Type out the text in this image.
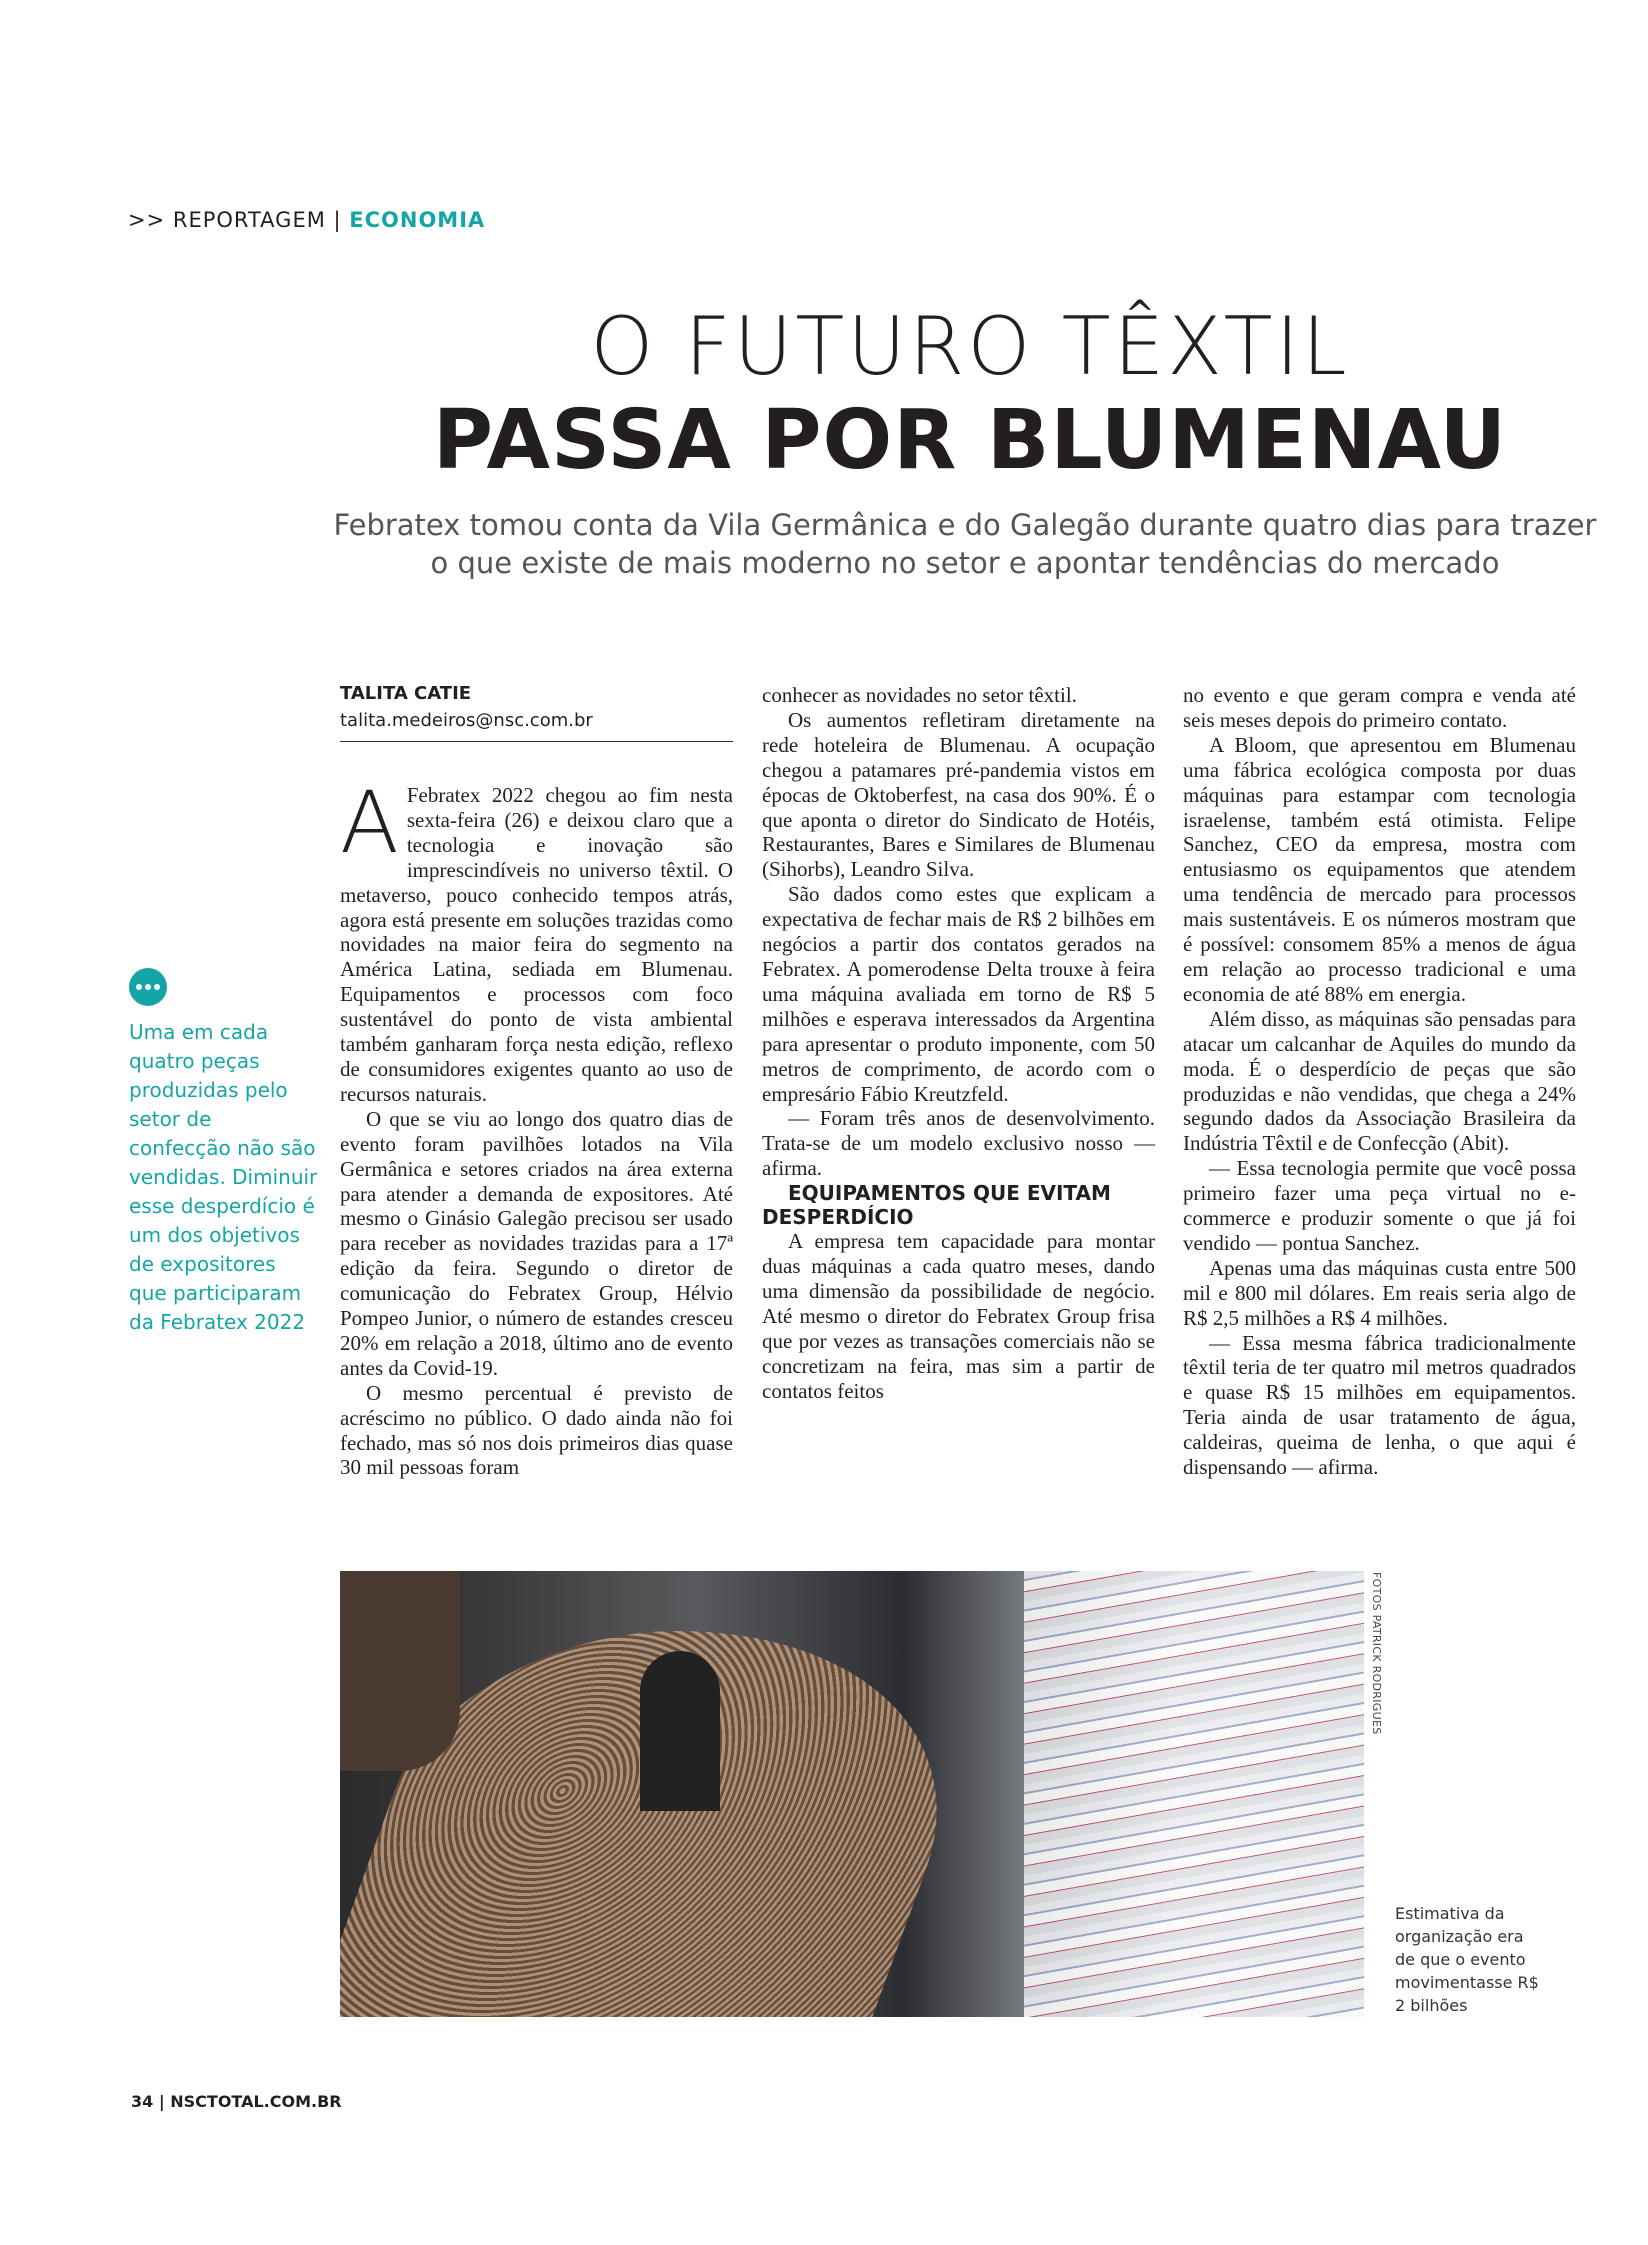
>> REPORTAGEM | ECONOMIA
O FUTURO TÊXTIL
PASSA POR BLUMENAU
Febratex tomou conta da Vila Germânica e do Galegão durante quatro dias para trazer o que existe de mais moderno no setor e apontar tendências do mercado
TALITA CATIE
talita.medeiros@nsc.com.br

A Febratex 2022 chegou ao fim nesta sexta-feira (26) e deixou claro que a tecnologia e inovação são imprescindíveis no universo têxtil. O metaverso, pouco conhecido tempos atrás, agora está presente em soluções trazidas como novidades na maior feira do segmento na América Latina, sediada em Blumenau. Equipamentos e processos com foco sustentável do ponto de vista ambiental também ganharam força nesta edição, reflexo de consumidores exigentes quanto ao uso de recursos naturais.

O que se viu ao longo dos quatro dias de evento foram pavilhões lotados na Vila Germânica e setores criados na área externa para atender a demanda de expositores. Até mesmo o Ginásio Galegão precisou ser usado para receber as novidades trazidas para a 17ª edição da feira. Segundo o diretor de comunicação do Febratex Group, Hélvio Pompeo Junior, o número de estandes cresceu 20% em relação a 2018, último ano de evento antes da Covid-19.

O mesmo percentual é previsto de acréscimo no público. O dado ainda não foi fechado, mas só nos dois primeiros dias quase 30 mil pessoas foram

conhecer as novidades no setor têxtil.

Os aumentos refletiram diretamente na rede hoteleira de Blumenau. A ocupação chegou a patamares pré-pandemia vistos em épocas de Oktoberfest, na casa dos 90%. É o que aponta o diretor do Sindicato de Hotéis, Restaurantes, Bares e Similares de Blumenau (Sihorbs), Leandro Silva.

São dados como estes que explicam a expectativa de fechar mais de R$ 2 bilhões em negócios a partir dos contatos gerados na Febratex. A pomerodense Delta trouxe à feira uma máquina avaliada em torno de R$ 5 milhões e esperava interessados da Argentina para apresentar o produto imponente, com 50 metros de comprimento, de acordo com o empresário Fábio Kreutzfeld.

— Foram três anos de desenvolvimento. Trata-se de um modelo exclusivo nosso — afirma.

EQUIPAMENTOS QUE EVITAM DESPERDÍCIO

A empresa tem capacidade para montar duas máquinas a cada quatro meses, dando uma dimensão da possibilidade de negócio. Até mesmo o diretor do Febratex Group frisa que por vezes as transações comerciais não se concretizam na feira, mas sim a partir de contatos feitos

no evento e que geram compra e venda até seis meses depois do primeiro contato.

A Bloom, que apresentou em Blumenau uma fábrica ecológica composta por duas máquinas para estampar com tecnologia israelense, também está otimista. Felipe Sanchez, CEO da empresa, mostra com entusiasmo os equipamentos que atendem uma tendência de mercado para processos mais sustentáveis. E os números mostram que é possível: consomem 85% a menos de água em relação ao processo tradicional e uma economia de até 88% em energia.

Além disso, as máquinas são pensadas para atacar um calcanhar de Aquiles do mundo da moda. É o desperdício de peças que são produzidas e não vendidas, que chega a 24% segundo dados da Associação Brasileira da Indústria Têxtil e de Confecção (Abit).

— Essa tecnologia permite que você possa primeiro fazer uma peça virtual no e-commerce e produzir somente o que já foi vendido — pontua Sanchez.

Apenas uma das máquinas custa entre 500 mil e 800 mil dólares. Em reais seria algo de R$ 2,5 milhões a R$ 4 milhões.

— Essa mesma fábrica tradicionalmente têxtil teria de ter quatro mil metros quadrados e quase R$ 15 milhões em equipamentos. Teria ainda de usar tratamento de água, caldeiras, queima de lenha, o que aqui é dispensando — afirma.

Uma em cada quatro peças produzidas pelo setor de confecção não são vendidas. Diminuir esse desperdício é um dos objetivos de expositores que participaram da Febratex 2022
FOTOS PATRICK RODRIGUES
Estimativa da organização era de que o evento movimentasse R$ 2 bilhões
34 | NSCTOTAL.COM.BR
